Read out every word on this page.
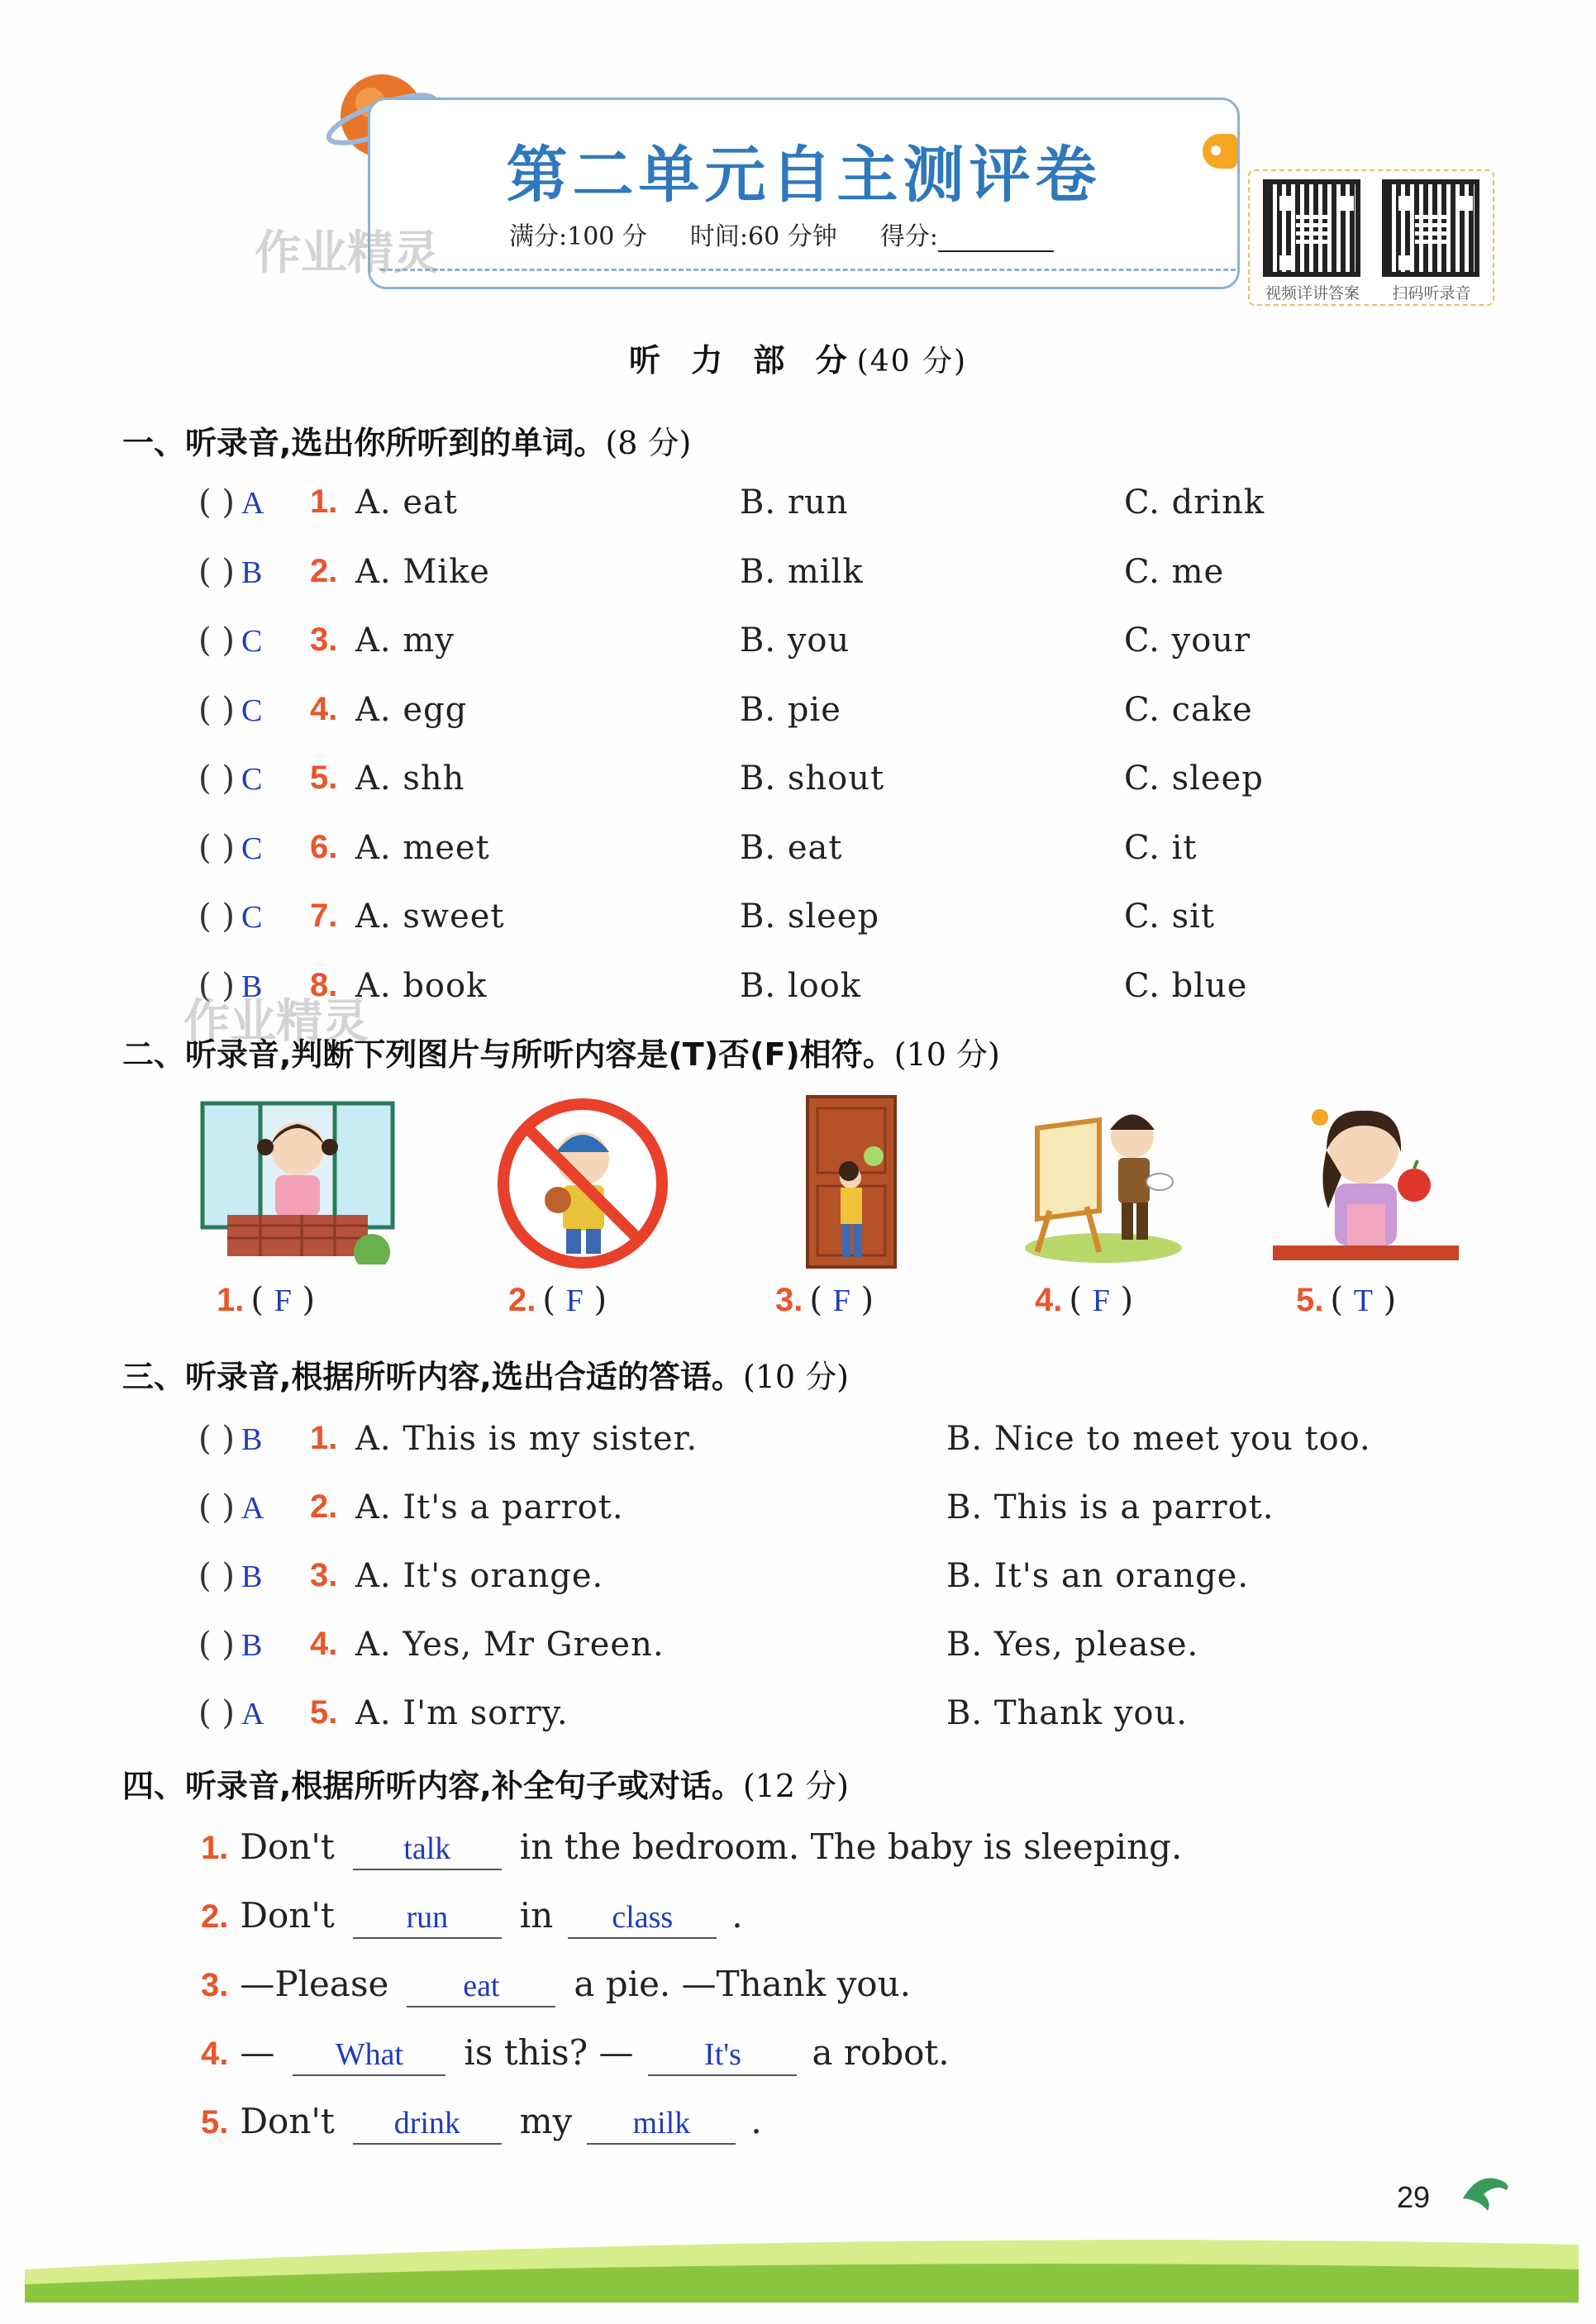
第二单元自主测评卷
满分:100 分 时间:60 分钟 得分:
作业精灵
视频详讲答案	扫码听录音
听 力 部 分(40 分)
一、听录音,选出你所听到的单词。(8 分)
( ) A 1. A. eat	B. run	C. drink
( ) B 2. A. Mike	B. milk	C. me
( ) C 3. A. my	B. you	C. your
( ) C 4. A. egg	B. pie	C. cake
( ) C 5. A. shh	B. shout	C. sleep
( ) C 6. A. meet	B. eat	C. it
( ) C 7. A. sweet	B. sleep	C. sit
( ) B 8. A. book	B. look	C. blue
作业精灵
二、听录音,判断下列图片与所听内容是(T)否(F)相符。(10 分)
1. ( F )	2. ( F )	3. ( F )	4. ( F )	5. ( T )
三、听录音,根据所听内容,选出合适的答语。(10 分)
( ) B 1. A. This is my sister.	B. Nice to meet you too.
( ) A 2. A. It's a parrot.	B. This is a parrot.
( ) B 3. A. It's orange.	B. It's an orange.
( ) B 4. A. Yes, Mr Green.	B. Yes, please.
( ) A 5. A. I'm sorry.	B. Thank you.
四、听录音,根据所听内容,补全句子或对话。(12 分)
1. Don't talk in the bedroom. The baby is sleeping.
2. Don't run in class .
3. —Please eat a pie. —Thank you.
4. — What is this? — It's a robot.
5. Don't drink my milk .
29
